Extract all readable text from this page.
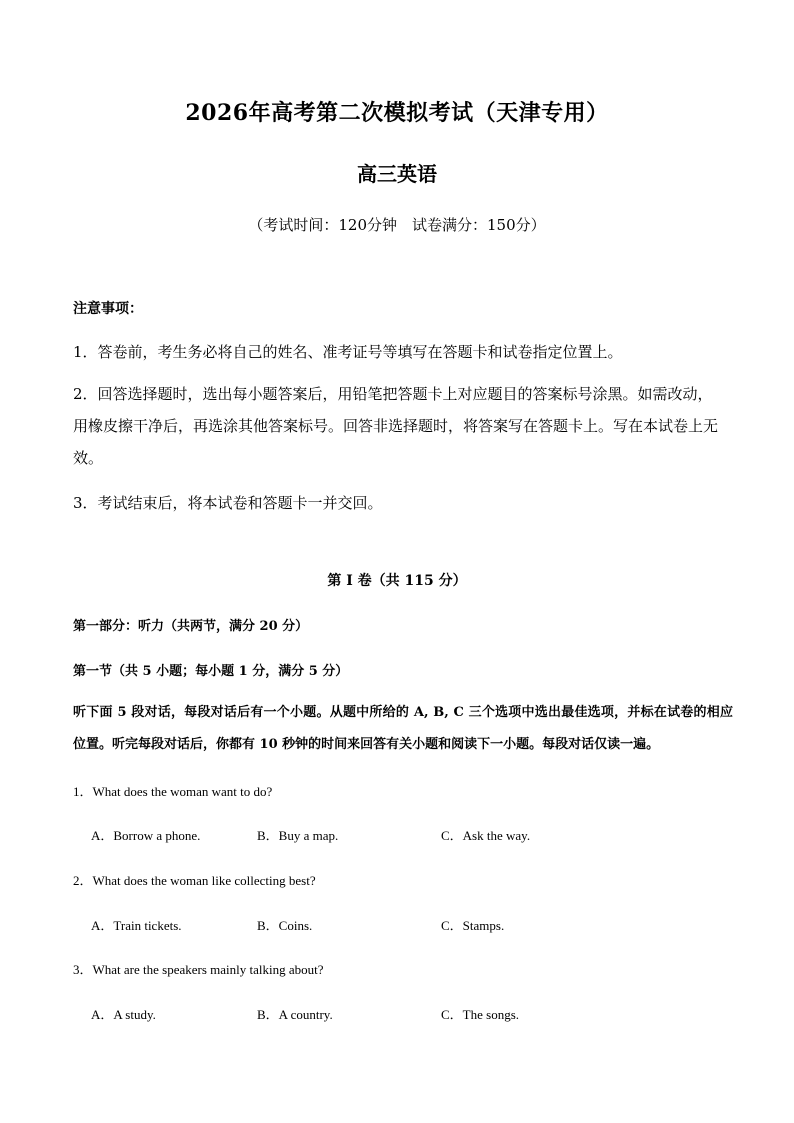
2026年高考第二次模拟考试（天津专用）
高三英语
（考试时间：120分钟　试卷满分：150分）
注意事项：
1．答卷前，考生务必将自己的姓名、准考证号等填写在答题卡和试卷指定位置上。
2．回答选择题时，选出每小题答案后，用铅笔把答题卡上对应题目的答案标号涂黑。如需改动，用橡皮擦干净后，再选涂其他答案标号。回答非选择题时，将答案写在答题卡上。写在本试卷上无效。
3．考试结束后，将本试卷和答题卡一并交回。
第 Ⅰ 卷（共 115 分）
第一部分：听力（共两节，满分 20 分）
第一节（共 5 小题；每小题 1 分，满分 5 分）
听下面 5 段对话，每段对话后有一个小题。从题中所给的 A, B, C 三个选项中选出最佳选项，并标在试卷的相应位置。听完每段对话后，你都有 10 秒钟的时间来回答有关小题和阅读下一小题。每段对话仅读一遍。
1．What does the woman want to do?
A．Borrow a phone.	B．Buy a map.	C．Ask the way.
2．What does the woman like collecting best?
A．Train tickets.	B．Coins.	C．Stamps.
3．What are the speakers mainly talking about?
A．A study.	B．A country.	C．The songs.
